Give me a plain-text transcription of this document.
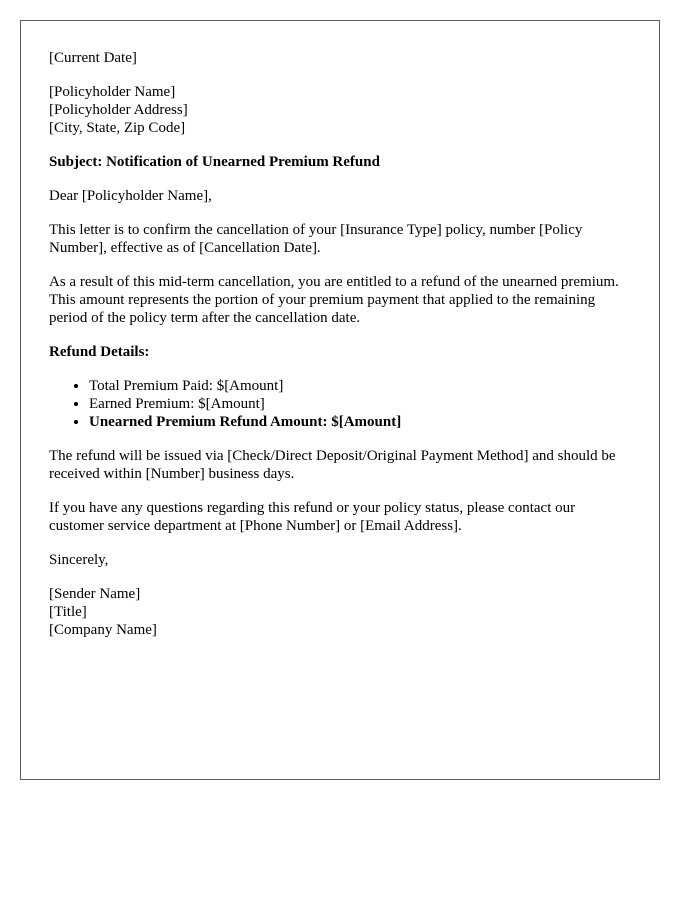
[Current Date]
[Policyholder Name]
[Policyholder Address]
[City, State, Zip Code]
Subject: Notification of Unearned Premium Refund
Dear [Policyholder Name],

This letter is to confirm the cancellation of your [Insurance Type] policy, number [Policy Number], effective as of [Cancellation Date].

As a result of this mid-term cancellation, you are entitled to a refund of the unearned premium. This amount represents the portion of your premium payment that applied to the remaining period of the policy term after the cancellation date.

Refund Details:
• Total Premium Paid: $[Amount]
• Earned Premium: $[Amount]
• Unearned Premium Refund Amount: $[Amount]

The refund will be issued via [Check/Direct Deposit/Original Payment Method] and should be received within [Number] business days.

If you have any questions regarding this refund or your policy status, please contact our customer service department at [Phone Number] or [Email Address].

Sincerely,
[Sender Name]
[Title]
[Company Name]
